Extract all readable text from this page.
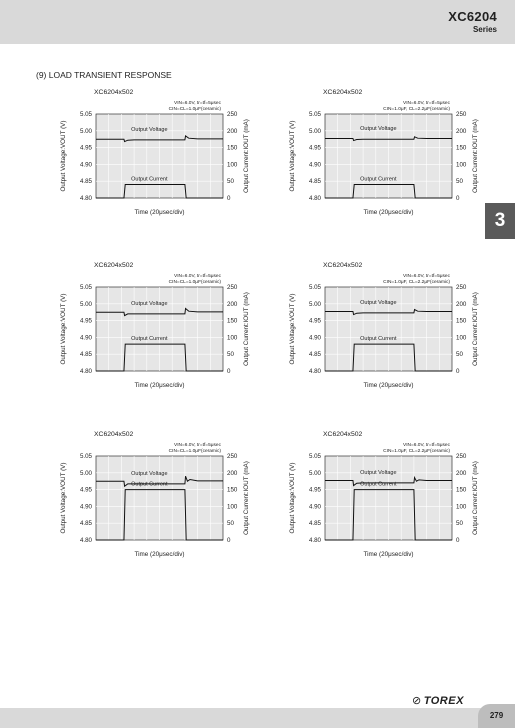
XC6204
Series
(9) LOAD TRANSIENT RESPONSE
3
XC6204x502
VIN=6.0V, tr=tf=5μsec
CIN=CL=1.0μF(ceramic)
5.05
5.00
4.95
4.90
4.85
4.80
250
200
150
100
50
0
Output Voltage
Output Current
Time (20μsec/div)
Output Voltage:VOUT (V)	Output Current:IOUT (mA)
XC6204x502
VIN=6.0V, tr=tf=5μsec
CIN=1.0μF, CL=2.2μF(ceramic)
5.05
5.00
4.95
4.90
4.85
4.80
250
200
150
100
50
0
Output Voltage
Output Current
Time (20μsec/div)
Output Voltage:VOUT (V)	Output Current:IOUT (mA)
XC6204x502
VIN=6.0V, tr=tf=5μsec
CIN=CL=1.0μF(ceramic)
5.05
5.00
4.95
4.90
4.85
4.80
250
200
150
100
50
0
Output Voltage
Output Current
Time (20μsec/div)
Output Voltage:VOUT (V)	Output Current:IOUT (mA)
XC6204x502
VIN=6.0V, tr=tf=5μsec
CIN=1.0μF, CL=2.2μF(ceramic)
5.05
5.00
4.95
4.90
4.85
4.80
250
200
150
100
50
0
Output Voltage
Output Current
Time (20μsec/div)
Output Voltage:VOUT (V)	Output Current:IOUT (mA)
XC6204x502
VIN=6.0V, tr=tf=5μsec
CIN=CL=1.0μF(ceramic)
5.05
5.00
4.95
4.90
4.85
4.80
250
200
150
100
50
0
Output Voltage
Output Current
Time (20μsec/div)
Output Voltage:VOUT (V)	Output Current:IOUT (mA)
XC6204x502
VIN=6.0V, tr=tf=5μsec
CIN=1.0μF, CL=2.2μF(ceramic)
5.05
5.00
4.95
4.90
4.85
4.80
250
200
150
100
50
0
Output Voltage
Output Current
Time (20μsec/div)
Output Voltage:VOUT (V)	Output Current:IOUT (mA)
⊘ TOREX
279
